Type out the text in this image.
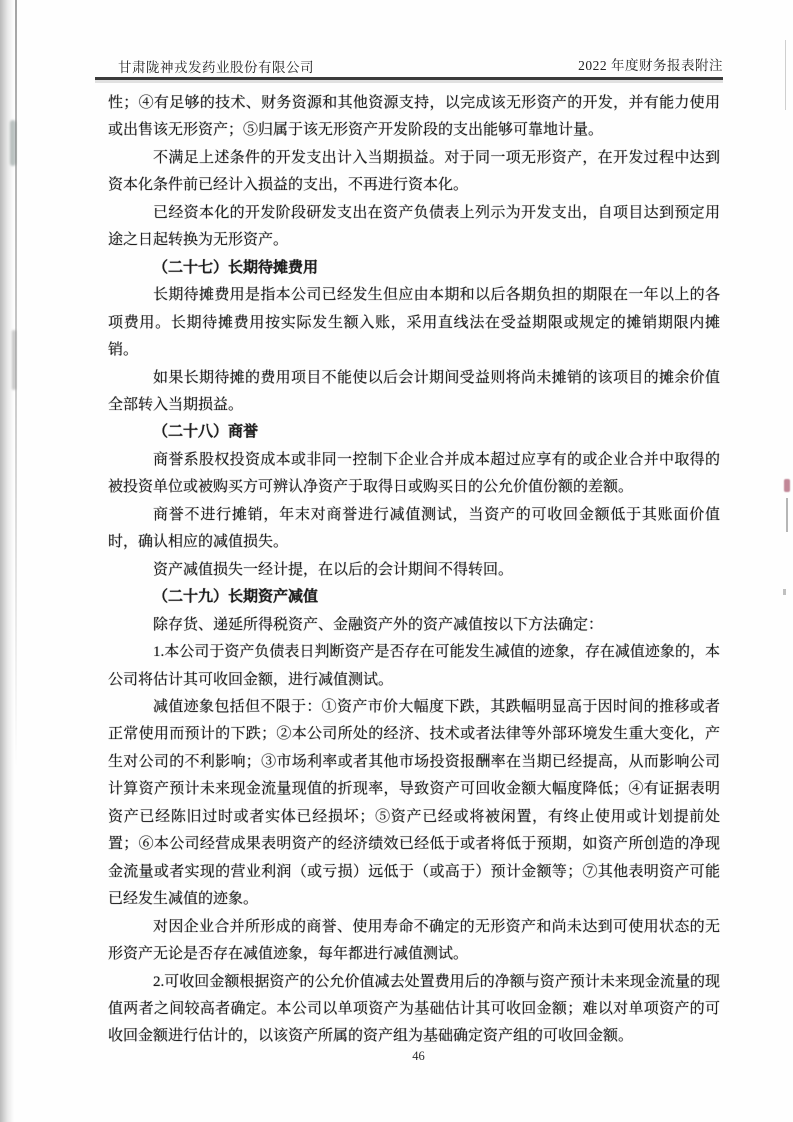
甘肃陇神戎发药业股份有限公司	2022 年度财务报表附注
性；④有足够的技术、财务资源和其他资源支持，以完成该无形资产的开发，并有能力使用或出售该无形资产；⑤归属于该无形资产开发阶段的支出能够可靠地计量。
不满足上述条件的开发支出计入当期损益。对于同一项无形资产，在开发过程中达到资本化条件前已经计入损益的支出，不再进行资本化。
已经资本化的开发阶段研发支出在资产负债表上列示为开发支出，自项目达到预定用途之日起转换为无形资产。
（二十七）长期待摊费用
长期待摊费用是指本公司已经发生但应由本期和以后各期负担的期限在一年以上的各项费用。长期待摊费用按实际发生额入账，采用直线法在受益期限或规定的摊销期限内摊销。
如果长期待摊的费用项目不能使以后会计期间受益则将尚未摊销的该项目的摊余价值全部转入当期损益。
（二十八）商誉
商誉系股权投资成本或非同一控制下企业合并成本超过应享有的或企业合并中取得的被投资单位或被购买方可辨认净资产于取得日或购买日的公允价值份额的差额。
商誉不进行摊销，年末对商誉进行减值测试，当资产的可收回金额低于其账面价值时，确认相应的减值损失。
资产减值损失一经计提，在以后的会计期间不得转回。
（二十九）长期资产减值
除存货、递延所得税资产、金融资产外的资产减值按以下方法确定：
1.本公司于资产负债表日判断资产是否存在可能发生减值的迹象，存在减值迹象的，本公司将估计其可收回金额，进行减值测试。
减值迹象包括但不限于：①资产市价大幅度下跌，其跌幅明显高于因时间的推移或者正常使用而预计的下跌；②本公司所处的经济、技术或者法律等外部环境发生重大变化，产生对公司的不利影响；③市场利率或者其他市场投资报酬率在当期已经提高，从而影响公司计算资产预计未来现金流量现值的折现率，导致资产可回收金额大幅度降低；④有证据表明资产已经陈旧过时或者实体已经损坏；⑤资产已经或将被闲置，有终止使用或计划提前处置；⑥本公司经营成果表明资产的经济绩效已经低于或者将低于预期，如资产所创造的净现金流量或者实现的营业利润（或亏损）远低于（或高于）预计金额等；⑦其他表明资产可能已经发生减值的迹象。
对因企业合并所形成的商誉、使用寿命不确定的无形资产和尚未达到可使用状态的无形资产无论是否存在减值迹象，每年都进行减值测试。
2.可收回金额根据资产的公允价值减去处置费用后的净额与资产预计未来现金流量的现值两者之间较高者确定。本公司以单项资产为基础估计其可收回金额；难以对单项资产的可收回金额进行估计的，以该资产所属的资产组为基础确定资产组的可收回金额。
46
